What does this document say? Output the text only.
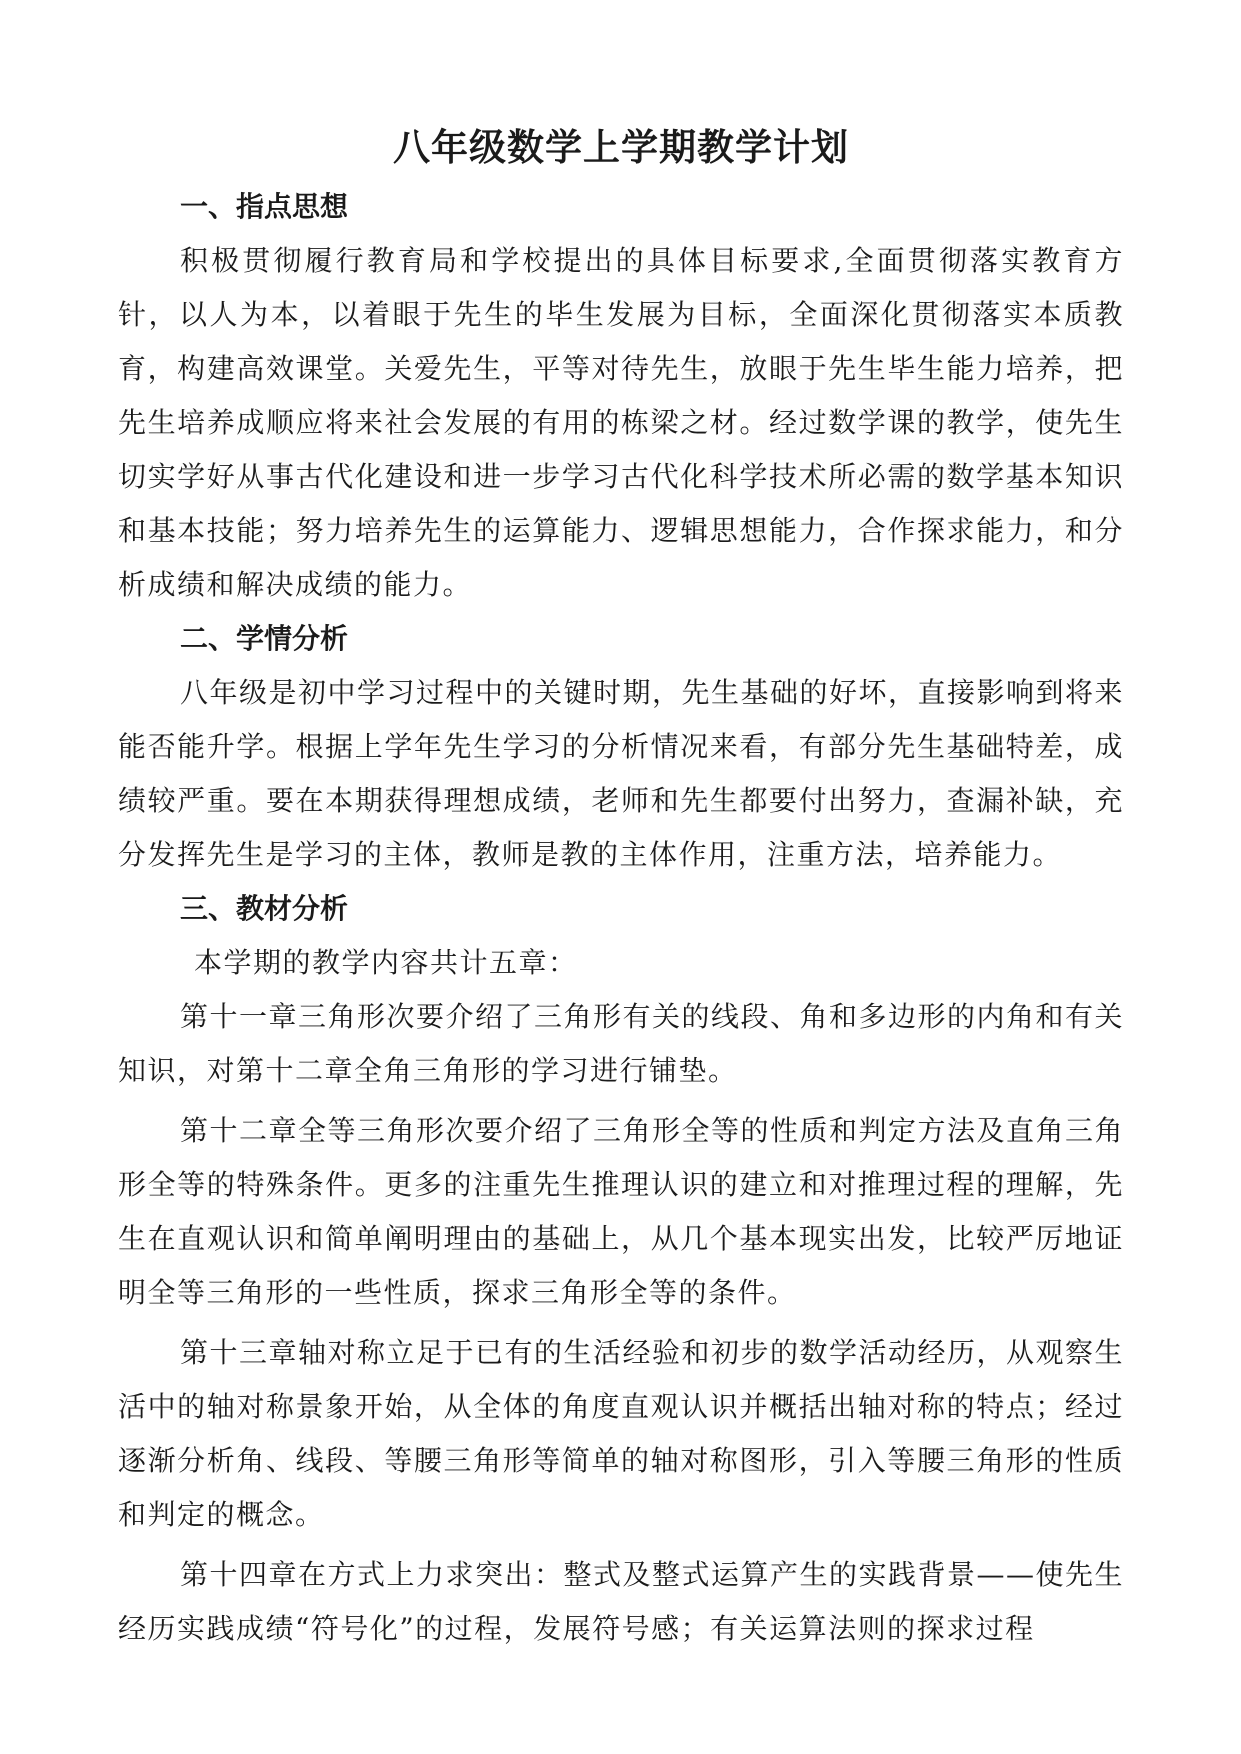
八年级数学上学期教学计划
一、指点思想

积极贯彻履行教育局和学校提出的具体目标要求,全面贯彻落实教育方针，以人为本，以着眼于先生的毕生发展为目标，全面深化贯彻落实本质教育，构建高效课堂。关爱先生，平等对待先生，放眼于先生毕生能力培养，把先生培养成顺应将来社会发展的有用的栋梁之材。经过数学课的教学，使先生切实学好从事古代化建设和进一步学习古代化科学技术所必需的数学基本知识和基本技能；努力培养先生的运算能力、逻辑思想能力，合作探求能力，和分析成绩和解决成绩的能力。

二、学情分析

八年级是初中学习过程中的关键时期，先生基础的好坏，直接影响到将来能否能升学。根据上学年先生学习的分析情况来看，有部分先生基础特差，成绩较严重。要在本期获得理想成绩，老师和先生都要付出努力，查漏补缺，充分发挥先生是学习的主体，教师是教的主体作用，注重方法，培养能力。

三、教材分析

本学期的教学内容共计五章：

第十一章三角形次要介绍了三角形有关的线段、角和多边形的内角和有关知识，对第十二章全角三角形的学习进行铺垫。

第十二章全等三角形次要介绍了三角形全等的性质和判定方法及直角三角形全等的特殊条件。更多的注重先生推理认识的建立和对推理过程的理解，先生在直观认识和简单阐明理由的基础上，从几个基本现实出发，比较严厉地证明全等三角形的一些性质，探求三角形全等的条件。

第十三章轴对称立足于已有的生活经验和初步的数学活动经历，从观察生活中的轴对称景象开始，从全体的角度直观认识并概括出轴对称的特点；经过逐渐分析角、线段、等腰三角形等简单的轴对称图形，引入等腰三角形的性质和判定的概念。

第十四章在方式上力求突出：整式及整式运算产生的实践背景——使先生经历实践成绩“符号化”的过程，发展符号感；有关运算法则的探求过程
